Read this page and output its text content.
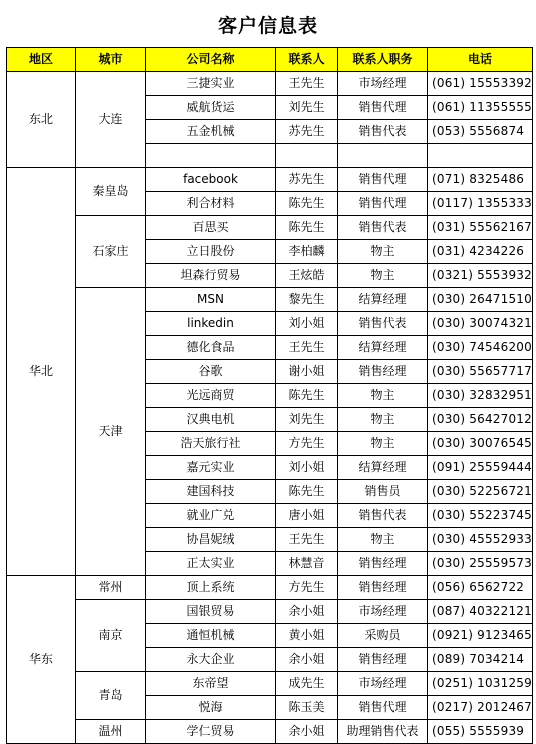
客户信息表
地区	城市	公司名称	联系人	联系人职务	电话
东北	大连	三捷实业	王先生	市场经理	(061) 15553392
		威航货运	刘先生	销售代理	(061) 11355555
		五金机械	苏先生	销售代表	(053) 5556874

华北	秦皇岛	facebook	苏先生	销售代理	(071) 8325486
		利合材料	陈先生	销售代理	(0117) 1355333
	石家庄	百思买	陈先生	销售代表	(031) 55562167
		立日股份	李柏麟	物主	(031) 4234226
		坦森行贸易	王炫皓	物主	(0321) 5553932
	天津	MSN	黎先生	结算经理	(030) 26471510
		linkedin	刘小姐	销售代表	(030) 30074321
		德化食品	王先生	结算经理	(030) 74546200
		谷歌	谢小姐	销售经理	(030) 55657717
		光远商贸	陈先生	物主	(030) 32832951
		汉典电机	刘先生	物主	(030) 56427012
		浩天旅行社	方先生	物主	(030) 30076545
		嘉元实业	刘小姐	结算经理	(091) 25559444
		建国科技	陈先生	销售员	(030) 52256721
		就业广兑	唐小姐	销售代表	(030) 55223745
		协昌妮绒	王先生	物主	(030) 45552933
		正太实业	林慧音	销售经理	(030) 25559573
华东	常州	顶上系统	方先生	销售经理	(056) 6562722
	南京	国银贸易	余小姐	市场经理	(087) 40322121
		通恒机械	黄小姐	采购员	(0921) 9123465
		永大企业	余小姐	销售经理	(089) 7034214
	青岛	东帝望	成先生	市场经理	(0251) 1031259
		悦海	陈玉美	销售代理	(0217) 2012467
	温州	学仁贸易	余小姐	助理销售代表	(055) 5555939
